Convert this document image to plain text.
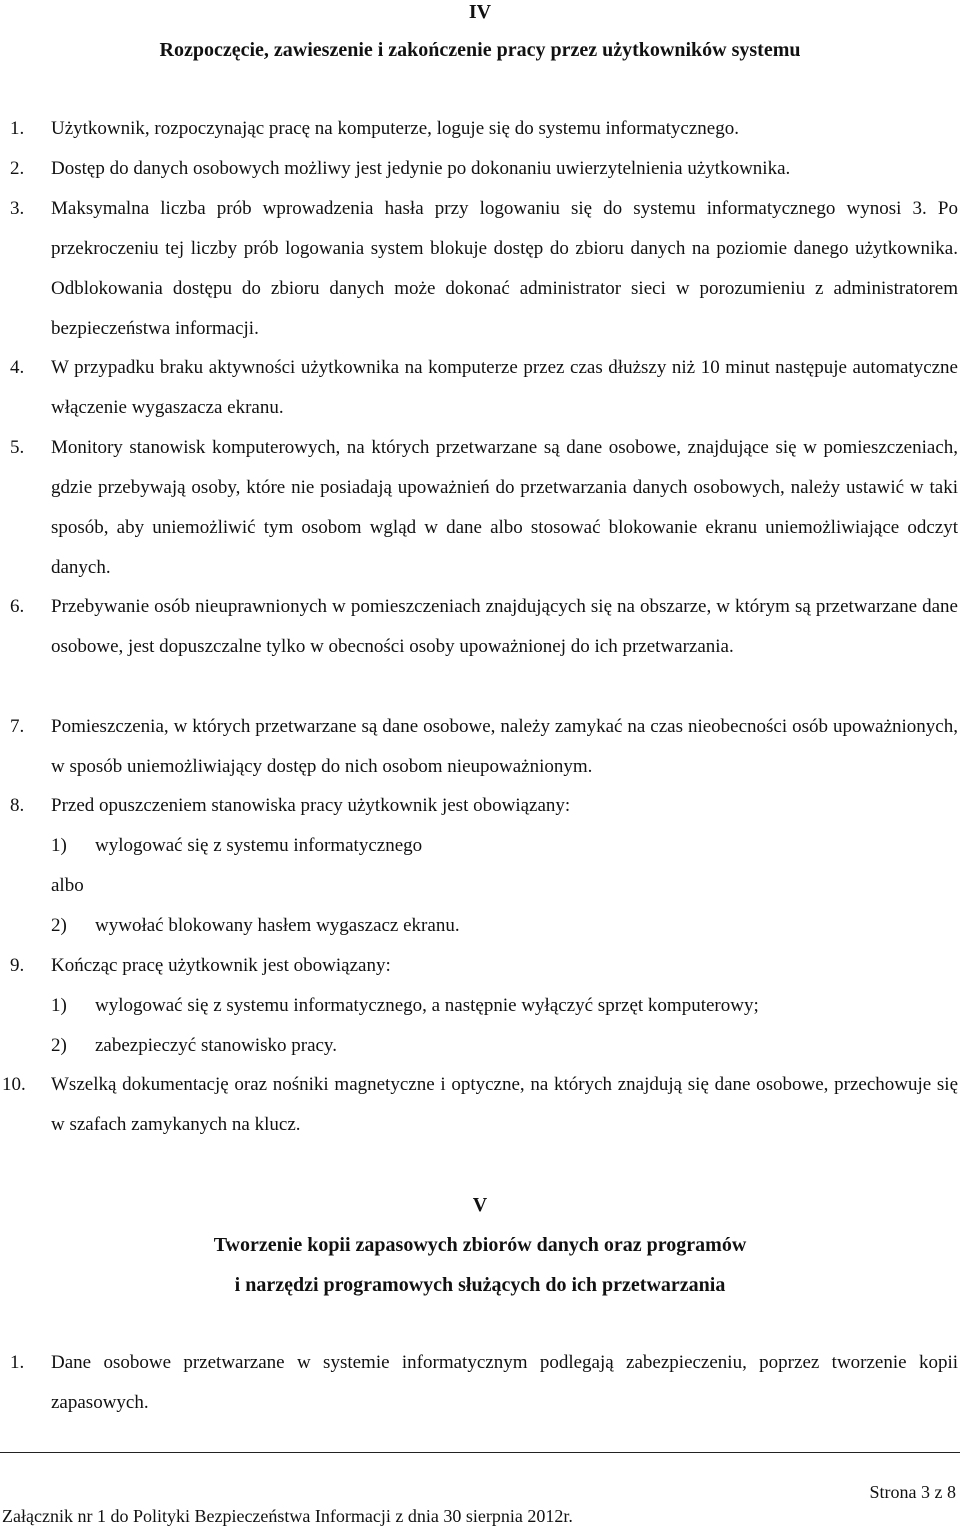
IV
Rozpoczęcie, zawieszenie i zakończenie pracy przez użytkowników systemu
1. Użytkownik, rozpoczynając pracę na komputerze, loguje się do systemu informatycznego.
2. Dostęp do danych osobowych możliwy jest jedynie po dokonaniu uwierzytelnienia użytkownika.
3. Maksymalna liczba prób wprowadzenia hasła przy logowaniu się do systemu informatycznego wynosi 3. Po przekroczeniu tej liczby prób logowania system blokuje dostęp do zbioru danych na poziomie danego użytkownika. Odblokowania dostępu do zbioru danych może dokonać administrator sieci w porozumieniu z administratorem bezpieczeństwa informacji.
4. W przypadku braku aktywności użytkownika na komputerze przez czas dłuższy niż 10 minut następuje automatyczne włączenie wygaszacza ekranu.
5. Monitory stanowisk komputerowych, na których przetwarzane są dane osobowe, znajdujące się w pomieszczeniach, gdzie przebywają osoby, które nie posiadają upoważnień do przetwarzania danych osobowych, należy ustawić w taki sposób, aby uniemożliwić tym osobom wgląd w dane albo stosować blokowanie ekranu uniemożliwiające odczyt danych.
6. Przebywanie osób nieuprawnionych w pomieszczeniach znajdujących się na obszarze, w którym są przetwarzane dane osobowe, jest dopuszczalne tylko w obecności osoby upoważnionej do ich przetwarzania.
7. Pomieszczenia, w których przetwarzane są dane osobowe, należy zamykać na czas nieobecności osób upoważnionych, w sposób uniemożliwiający dostęp do nich osobom nieupoważnionym.
8. Przed opuszczeniem stanowiska pracy użytkownik jest obowiązany:
1) wylogować się z systemu informatycznego
albo
2) wywołać blokowany hasłem wygaszacz ekranu.
9. Kończąc pracę użytkownik jest obowiązany:
1) wylogować się z systemu informatycznego, a następnie wyłączyć sprzęt komputerowy;
2) zabezpieczyć stanowisko pracy.
10. Wszelką dokumentację oraz nośniki magnetyczne i optyczne, na których znajdują się dane osobowe, przechowuje się w szafach zamykanych na klucz.
V
Tworzenie kopii zapasowych zbiorów danych oraz programów
i narzędzi programowych służących do ich przetwarzania
1. Dane osobowe przetwarzane w systemie informatycznym podlegają zabezpieczeniu, poprzez tworzenie kopii zapasowych.
Strona 3 z 8
Załącznik nr 1 do Polityki Bezpieczeństwa Informacji z dnia 30 sierpnia 2012r.
